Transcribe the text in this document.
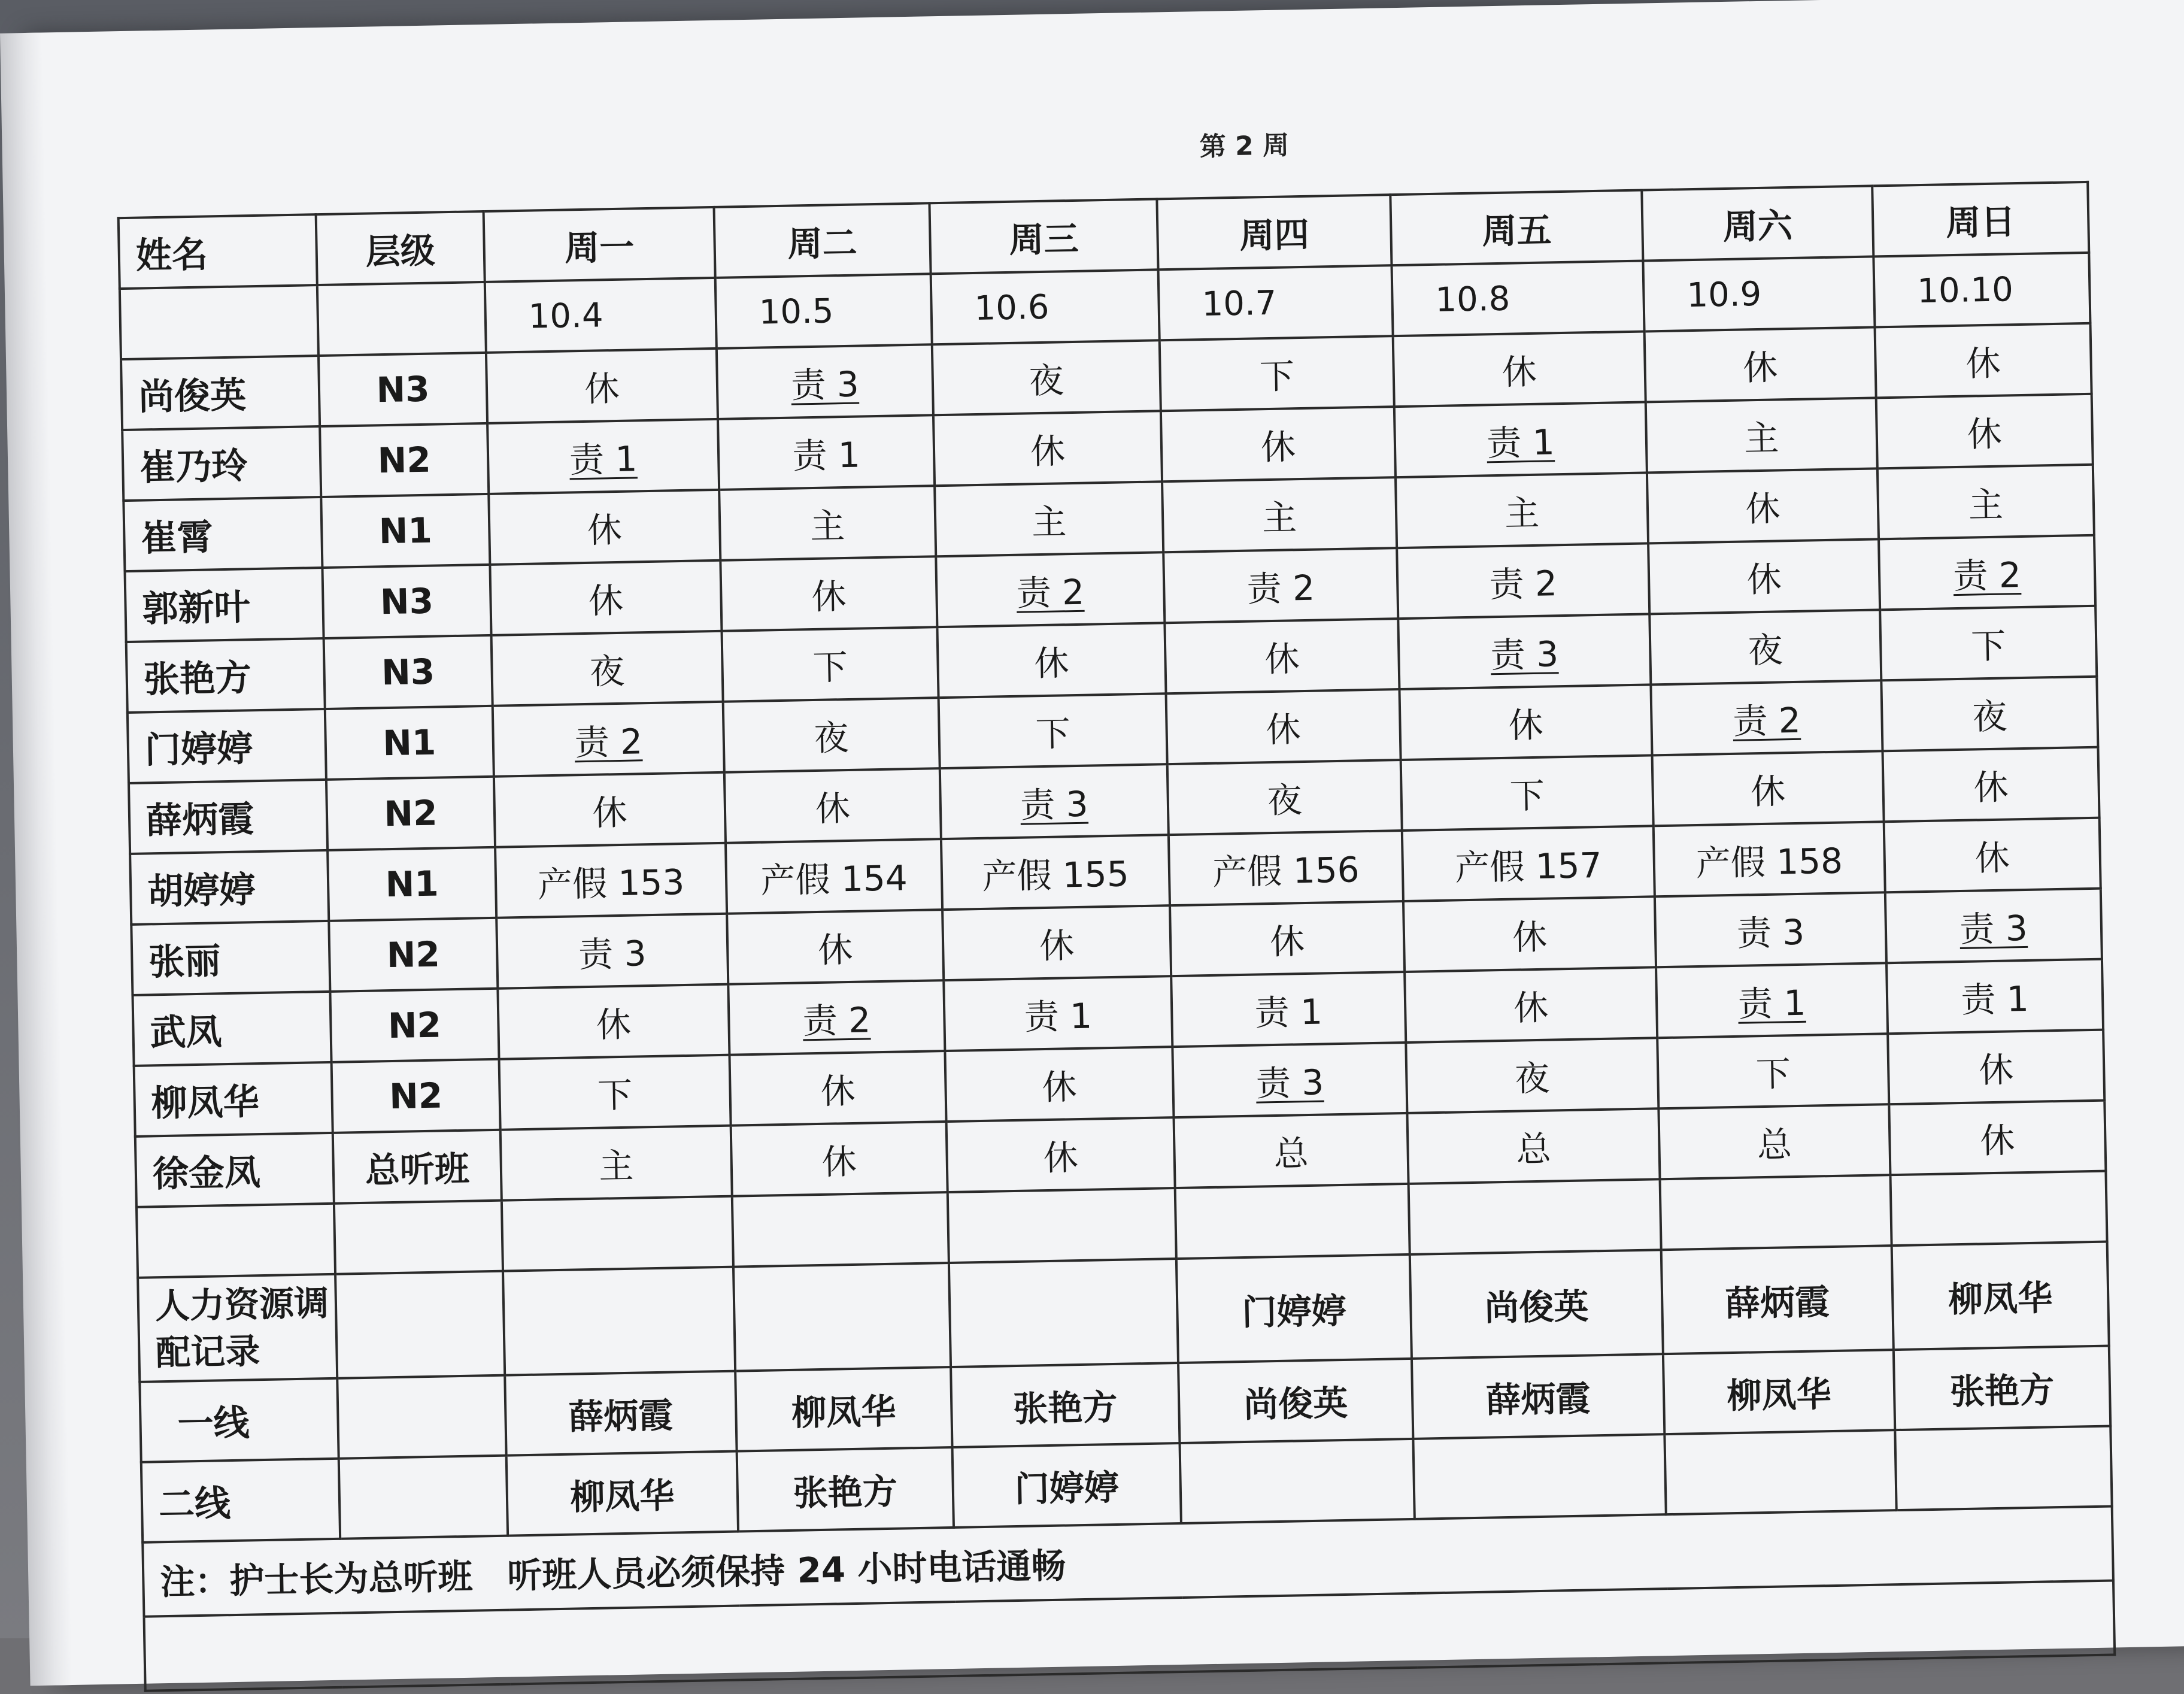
第 2 周
姓名	层级	周一	周二	周三	周四	周五	周六	周日
		10.4	10.5	10.6	10.7	10.8	10.9	10.10
尚俊英	N3	休	责 3	夜	下	休	休	休
崔乃玲	N2	责 1	责 1	休	休	责 1	主	休
崔霄	N1	休	主	主	主	主	休	主
郭新叶	N3	休	休	责 2	责 2	责 2	休	责 2
张艳方	N3	夜	下	休	休	责 3	夜	下
门婷婷	N1	责 2	夜	下	休	休	责 2	夜
薛炳霞	N2	休	休	责 3	夜	下	休	休
胡婷婷	N1	产假 153	产假 154	产假 155	产假 156	产假 157	产假 158	休
张丽	N2	责 3	休	休	休	休	责 3	责 3
武凤	N2	休	责 2	责 1	责 1	休	责 1	责 1
柳凤华	N2	下	休	休	责 3	夜	下	休
徐金凤	总听班	主	休	休	总	总	总	休

人力资源调配记录					门婷婷	尚俊英	薛炳霞	柳凤华
一线		薛炳霞	柳凤华	张艳方	尚俊英	薛炳霞	柳凤华	张艳方
二线		柳凤华	张艳方	门婷婷				
注：护士长为总听班　听班人员必须保持 24 小时电话通畅								
